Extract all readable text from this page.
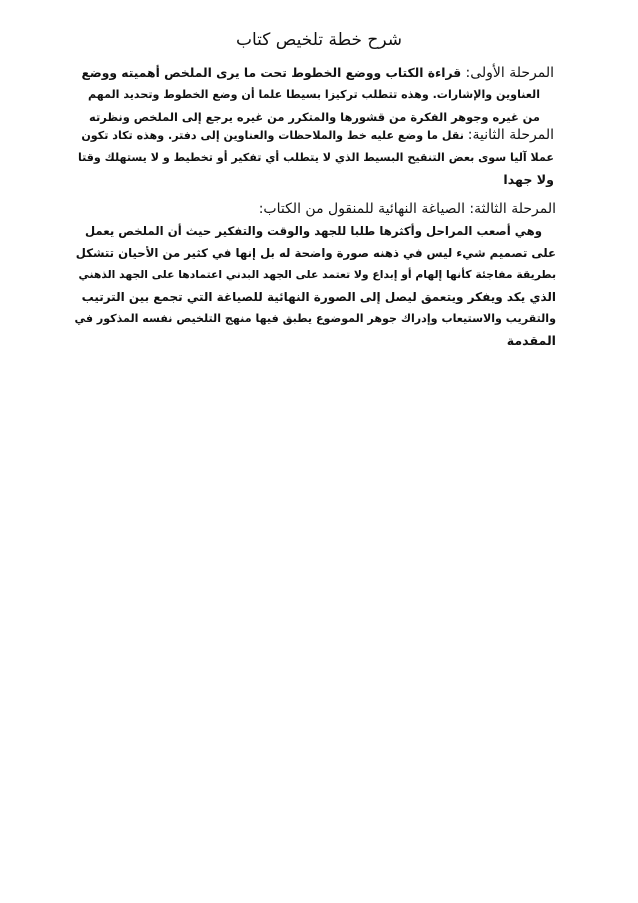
شرح خطة تلخيص كتاب
المرحلة الأولى: قراءة الكتاب ووضع الخطوط تحت ما يرى الملخص أهميته ووضع
العناوين والإشارات. وهذه تتطلب تركيزا بسيطا علما أن وضع الخطوط وتحديد المهم
من غيره وجوهر الفكرة من قشورها والمتكرر من غيره يرجع إلى الملخص ونظرته
المرحلة الثانية: نقل ما وضع عليه خط والملاحظات والعناوين إلى دفتر. وهذه تكاد تكون
عملا آليا سوى بعض التنقيح البسيط الذي لا يتطلب أي تفكير أو تخطيط و لا يستهلك وقتا
ولا جهدا
المرحلة الثالثة: الصياغة النهائية للمنقول من الكتاب:
وهي أصعب المراحل وأكثرها طلبا للجهد والوقت والتفكير حيث أن الملخص يعمل
على تصميم شيء ليس في ذهنه صورة واضحة له بل إنها في كثير من الأحيان تتشكل
بطريقة مفاجئة كأنها إلهام أو إبداع ولا تعتمد على الجهد البدني اعتمادها على الجهد الذهني
الذي يكد ويفكر ويتعمق ليصل إلى الصورة النهائية للصياغة التي تجمع بين الترتيب
والتقريب والاستيعاب وإدراك جوهر الموضوع يطبق فيها منهج التلخيص نفسه المذكور في
المقدمة
